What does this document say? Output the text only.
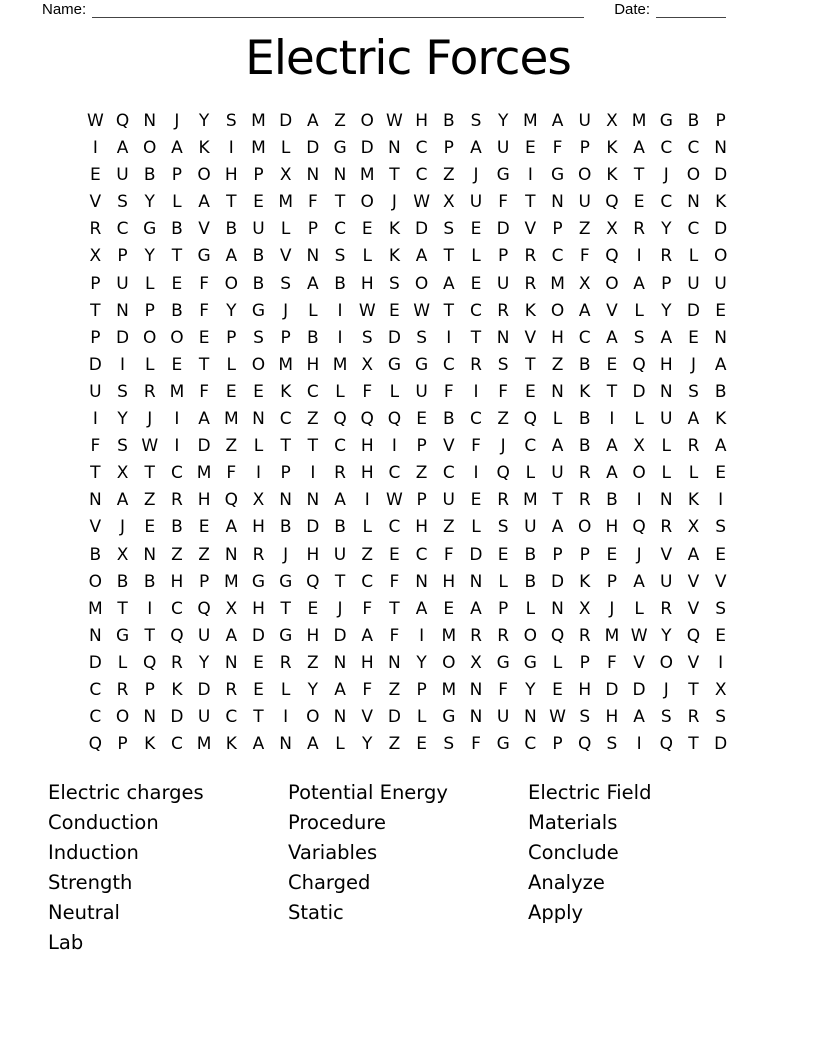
Name:	Date:
Electric Forces
W Q N	J	Y S M D A Z O W H B S Y M A U X M G B P
I	A O A K	I	M L D G D N C P A U E F	P K A C C N
E U B P O H P X N N M T C Z	J	G	I	G O K T	J	O D
V S Y	L A T E M F	T O	J W X U F	T N U Q E C N K
R C G B V B U L	P C E K D S E D V P Z X R Y C D
X P Y T G A B V N S	L K A T	L	P R C F Q	I	R L O
P U L	E F O B S A B H S O A E U R M X O A P U U
T N P B F	Y G	J	L	I W E W T C R K O A V L	Y D E
P D O O E P S P B	I	S D S	I	T N V H C A S A E N
D	I	L	E T	L O M H M X G G C R S T Z B E Q H	J	A
U S R M F E E K C L	F	L U F	I	F E N K T D N S B
I	Y	J	I	A M N C Z Q Q Q E B C Z Q L B	I	L U A K
F S W I	D Z L	T T C H	I	P V F	J	C A B A X L R A
T X T C M F	I	P	I	R H C Z C	I	Q L U R A O L	L	E
N A Z R H Q X N N A	I W P U E R M T R B	I	N K	I
V	J	E B E A H B D B L C H Z L	S U A O H Q R X S
B X N Z Z N R	J	H U Z E C F D E B P P E	J	V A E
O B B H P M G G Q T C F N H N L B D K P A U V V
M T	I	C Q X H T E	J	F	T A E A P	L N X	J	L R V S
N G T Q U A D G H D A F	I	M R R O Q R M W Y Q E
D L Q R Y N E R Z N H N Y O X G G L	P	F V O V	I
C R P K D R E	L	Y A F Z P M N F	Y E H D D	J	T X
C O N D U C T	I	O N V D L G N U N W S H A S R S
Q P K C M K A N A L	Y Z E S F G C P Q S	I	Q T D
Electric charges
Conduction
Induction
Strength
Neutral
Lab
Potential Energy
Procedure
Variables
Charged
Static
Electric Field
Materials
Conclude
Analyze
Apply
